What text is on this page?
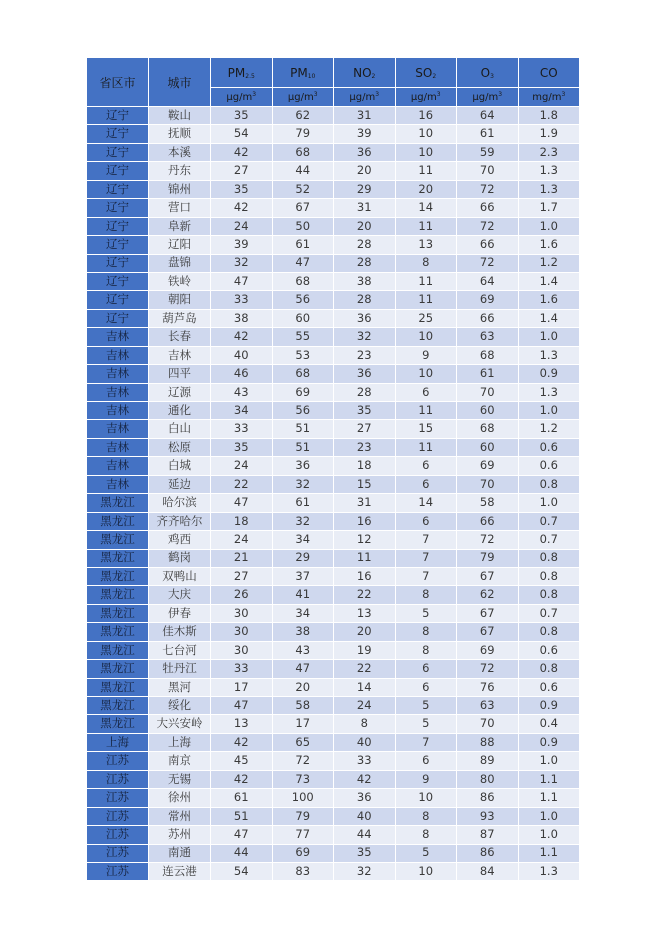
省区市	城市	PM2.5	PM10	NO2	SO2	O3	CO
		$\mu g/m^3$	$\mu g/m^3$	$\mu g/m^3$	$\mu g/m^3$	$\mu g/m^3$	$mg/m^3$
辽宁	鞍山	35	62	31	16	64	1.8
辽宁	抚顺	54	79	39	10	61	1.9
辽宁	本溪	42	68	36	10	59	2.3
辽宁	丹东	27	44	20	11	70	1.3
辽宁	锦州	35	52	29	20	72	1.3
辽宁	营口	42	67	31	14	66	1.7
辽宁	阜新	24	50	20	11	72	1.0
辽宁	辽阳	39	61	28	13	66	1.6
辽宁	盘锦	32	47	28	8	72	1.2
辽宁	铁岭	47	68	38	11	64	1.4
辽宁	朝阳	33	56	28	11	69	1.6
辽宁	葫芦岛	38	60	36	25	66	1.4
吉林	长春	42	55	32	10	63	1.0
吉林	吉林	40	53	23	9	68	1.3
吉林	四平	46	68	36	10	61	0.9
吉林	辽源	43	69	28	6	70	1.3
吉林	通化	34	56	35	11	60	1.0
吉林	白山	33	51	27	15	68	1.2
吉林	松原	35	51	23	11	60	0.6
吉林	白城	24	36	18	6	69	0.6
吉林	延边	22	32	15	6	70	0.8
黑龙江	哈尔滨	47	61	31	14	58	1.0
黑龙江	齐齐哈尔	18	32	16	6	66	0.7
黑龙江	鸡西	24	34	12	7	72	0.7
黑龙江	鹤岗	21	29	11	7	79	0.8
黑龙江	双鸭山	27	37	16	7	67	0.8
黑龙江	大庆	26	41	22	8	62	0.8
黑龙江	伊春	30	34	13	5	67	0.7
黑龙江	佳木斯	30	38	20	8	67	0.8
黑龙江	七台河	30	43	19	8	69	0.6
黑龙江	牡丹江	33	47	22	6	72	0.8
黑龙江	黑河	17	20	14	6	76	0.6
黑龙江	绥化	47	58	24	5	63	0.9
黑龙江	大兴安岭	13	17	8	5	70	0.4
上海	上海	42	65	40	7	88	0.9
江苏	南京	45	72	33	6	89	1.0
江苏	无锡	42	73	42	9	80	1.1
江苏	徐州	61	100	36	10	86	1.1
江苏	常州	51	79	40	8	93	1.0
江苏	苏州	47	77	44	8	87	1.0
江苏	南通	44	69	35	5	86	1.1
江苏	连云港	54	83	32	10	84	1.3
